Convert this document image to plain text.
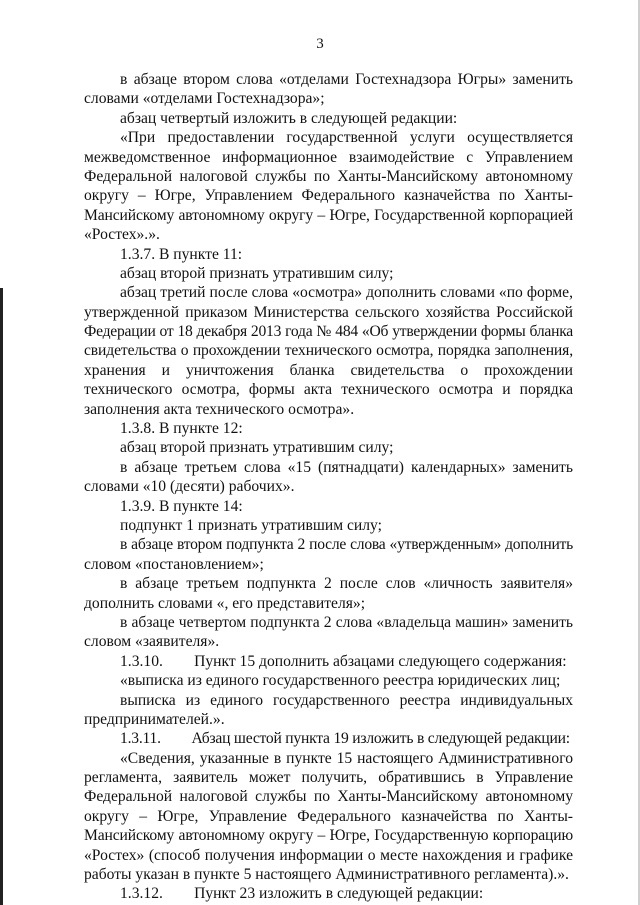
3
в абзаце втором слова «отделами Гостехнадзора Югры» заменить
словами «отделами Гостехнадзора»;
абзац четвертый изложить в следующей редакции:
«При предоставлении государственной услуги осуществляется
межведомственное информационное взаимодействие с Управлением
Федеральной налоговой службы по Ханты-Мансийскому автономному
округу – Югре, Управлением Федерального казначейства по Ханты-
Мансийскому автономному округу – Югре, Государственной корпорацией
«Ростех».».
1.3.7. В пункте 11:
абзац второй признать утратившим силу;
абзац третий после слова «осмотра» дополнить словами «по форме,
утвержденной приказом Министерства сельского хозяйства Российской
Федерации от 18 декабря 2013 года № 484 «Об утверждении формы бланка
свидетельства о прохождении технического осмотра, порядка заполнения,
хранения и уничтожения бланка свидетельства о прохождении
технического осмотра, формы акта технического осмотра и порядка
заполнения акта технического осмотра».
1.3.8. В пункте 12:
абзац второй признать утратившим силу;
в абзаце третьем слова «15 (пятнадцати) календарных» заменить
словами «10 (десяти) рабочих».
1.3.9. В пункте 14:
подпункт 1 признать утратившим силу;
в абзаце втором подпункта 2 после слова «утвержденным» дополнить
словом «постановлением»;
в абзаце третьем подпункта 2 после слов «личность заявителя»
дополнить словами «, его представителя»;
в абзаце четвертом подпункта 2 слова «владельца машин» заменить
словом «заявителя».
1.3.10.  Пункт 15 дополнить абзацами следующего содержания:
«выписка из единого государственного реестра юридических лиц;
выписка из единого государственного реестра индивидуальных
предпринимателей.».
1.3.11.  Абзац шестой пункта 19 изложить в следующей редакции:
«Сведения, указанные в пункте 15 настоящего Административного
регламента, заявитель может получить, обратившись в Управление
Федеральной налоговой службы по Ханты-Мансийскому автономному
округу – Югре, Управление Федерального казначейства по Ханты-
Мансийскому автономному округу – Югре, Государственную корпорацию
«Ростех» (способ получения информации о месте нахождения и графике
работы указан в пункте 5 настоящего Административного регламента).».
1.3.12.  Пункт 23 изложить в следующей редакции:
